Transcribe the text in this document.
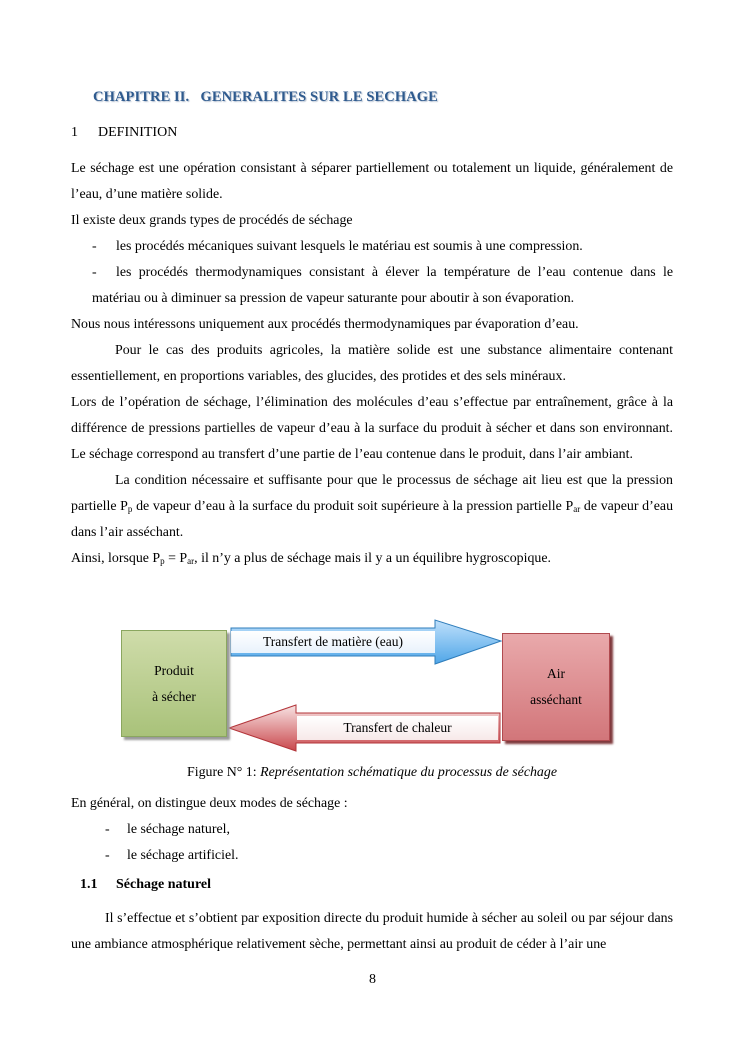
CHAPITRE II.   GENERALITES SUR LE SECHAGE
1 DEFINITION

Le séchage est une opération consistant à séparer partiellement ou totalement un liquide, généralement de l’eau, d’une matière solide.

Il existe deux grands types de procédés de séchage

- les procédés mécaniques suivant lesquels le matériau est soumis à une compression.

- les procédés thermodynamiques consistant à élever la température de l’eau contenue dans le matériau ou à diminuer sa pression de vapeur saturante pour aboutir à son évaporation.

Nous nous intéressons uniquement aux procédés thermodynamiques par évaporation d’eau.

Pour le cas des produits agricoles, la matière solide est une substance alimentaire contenant essentiellement, en proportions variables, des glucides, des protides et des sels minéraux.

Lors de l’opération de séchage, l’élimination des molécules d’eau s’effectue par entraînement, grâce à la différence de pressions partielles de vapeur d’eau à la surface du produit à sécher et dans son environnant. Le séchage correspond au transfert d’une partie de l’eau contenue dans le produit, dans l’air ambiant.

La condition nécessaire et suffisante pour que le processus de séchage ait lieu est que la pression partielle $P_p$ de vapeur d’eau à la surface du produit soit supérieure à la pression partielle $P_{ar}$ de vapeur d’eau dans l’air asséchant.

Ainsi, lorsque $P_p = P_{ar}$, il n’y a plus de séchage mais il y a un équilibre hygroscopique.

Transfert de matière (eau)
Transfert de chaleur
Produit
à sécher
Air
asséchant
Figure N° 1: Représentation schématique du processus de séchage

En général, on distingue deux modes de séchage :

- le séchage naturel,

- le séchage artificiel.

1.1 Séchage naturel

Il s’effectue et s’obtient par exposition directe du produit humide à sécher au soleil ou par séjour dans une ambiance atmosphérique relativement sèche, permettant ainsi au produit de céder à l’air une

8
